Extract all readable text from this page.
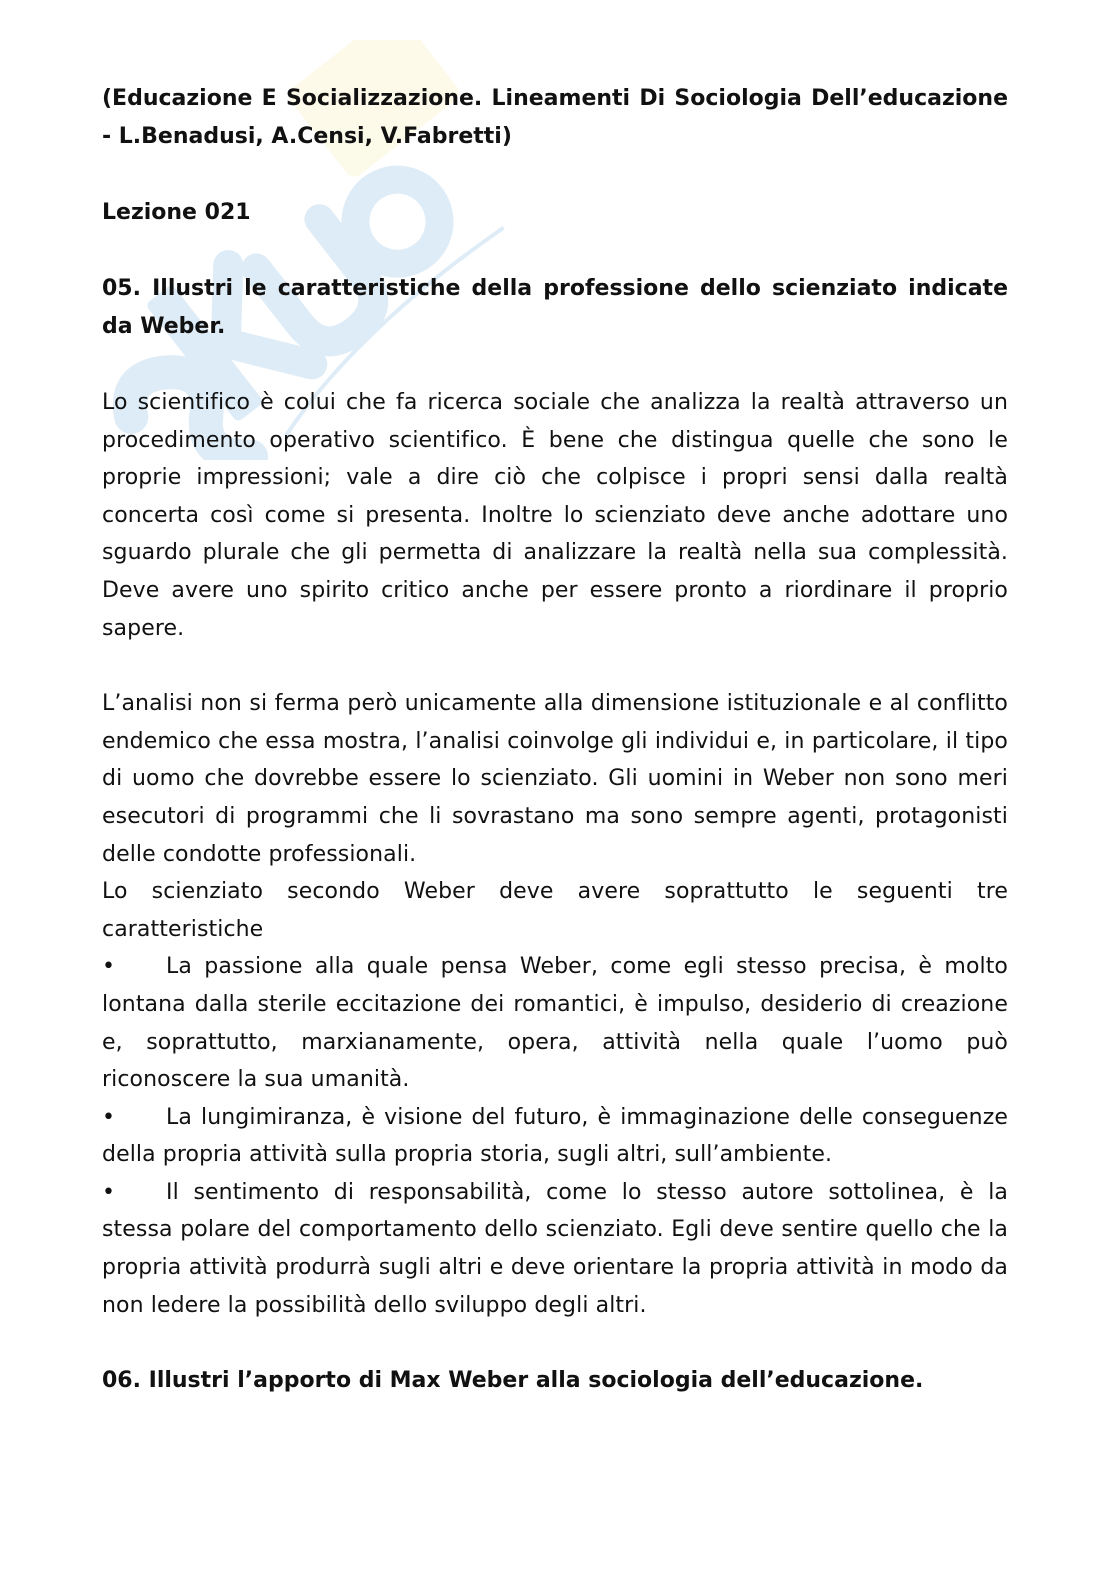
(Educazione E Socializzazione. Lineamenti Di Sociologia Dell’educazione - L.Benadusi, A.Censi, V.Fabretti)

Lezione 021

05. Illustri le caratteristiche della professione dello scienziato indicate da Weber.

Lo scientifico è colui che fa ricerca sociale che analizza la realtà attraverso un procedimento operativo scientifico. È bene che distingua quelle che sono le proprie impressioni; vale a dire ciò che colpisce i propri sensi dalla realtà concerta così come si presenta. Inoltre lo scienziato deve anche adottare uno sguardo plurale che gli permetta di analizzare la realtà nella sua complessità. Deve avere uno spirito critico anche per essere pronto a riordinare il proprio sapere.

L’analisi non si ferma però unicamente alla dimensione istituzionale e al conflitto endemico che essa mostra, l’analisi coinvolge gli individui e, in particolare, il tipo di uomo che dovrebbe essere lo scienziato. Gli uomini in Weber non sono meri esecutori di programmi che li sovrastano ma sono sempre agenti, protagonisti delle condotte professionali.

Lo scienziato secondo Weber deve avere soprattutto le seguenti tre caratteristiche

• La passione alla quale pensa Weber, come egli stesso precisa, è molto lontana dalla sterile eccitazione dei romantici, è impulso, desiderio di creazione e, soprattutto, marxianamente, opera, attività nella quale l’uomo può riconoscere la sua umanità.

• La lungimiranza, è visione del futuro, è immaginazione delle conseguenze della propria attività sulla propria storia, sugli altri, sull’ambiente.

• Il sentimento di responsabilità, come lo stesso autore sottolinea, è la stessa polare del comportamento dello scienziato. Egli deve sentire quello che la propria attività produrrà sugli altri e deve orientare la propria attività in modo da non ledere la possibilità dello sviluppo degli altri.

06. Illustri l’apporto di Max Weber alla sociologia dell’educazione.
